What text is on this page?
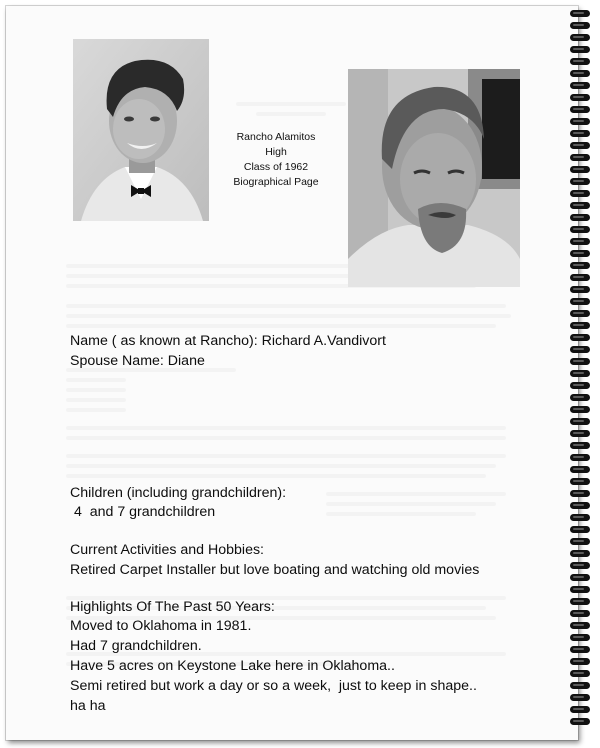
Rancho Alamitos
High
Class of 1962
Biographical Page
Name ( as known at Rancho): Richard A.Vandivort
Spouse Name: Diane
Children (including grandchildren):
4  and 7 grandchildren
Current Activities and Hobbies:
Retired Carpet Installer but love boating and watching old movies
Highlights Of The Past 50 Years:
Moved to Oklahoma in 1981.
Had 7 grandchildren.
Have 5 acres on Keystone Lake here in Oklahoma..
Semi retired but work a day or so a week,  just to keep in shape..
ha ha
